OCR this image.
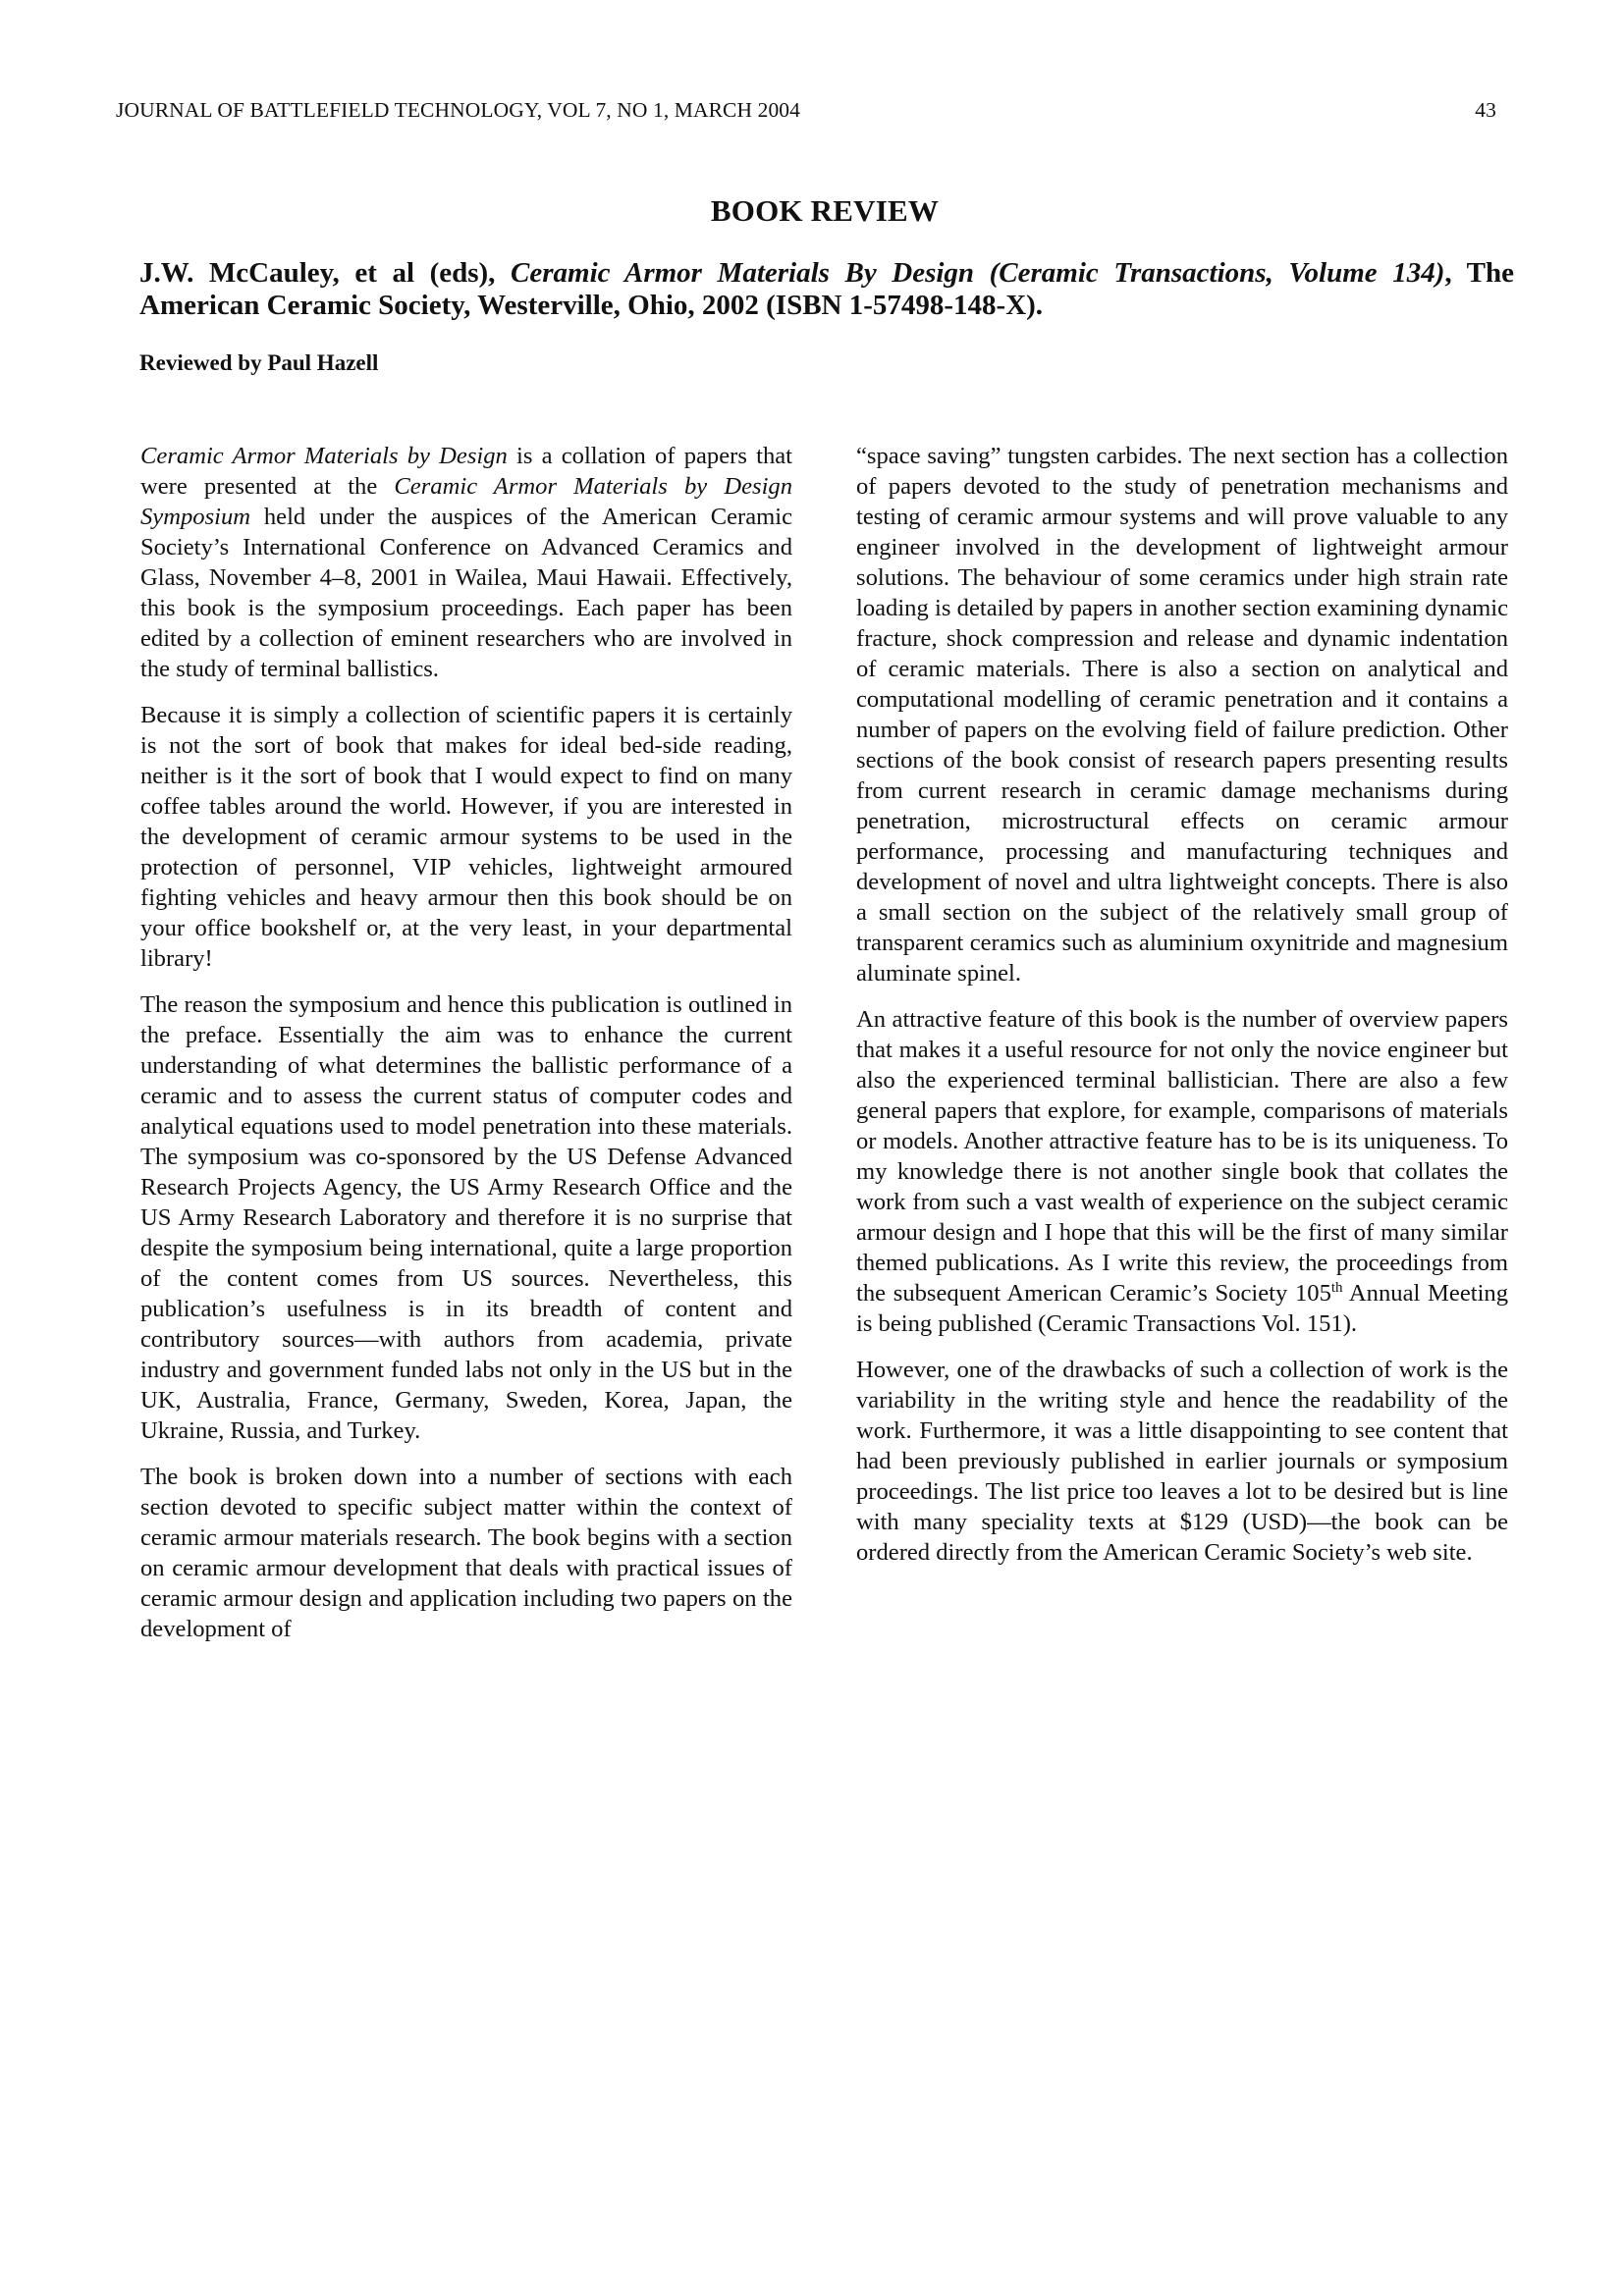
JOURNAL OF BATTLEFIELD TECHNOLOGY, VOL 7, NO 1, MARCH 2004	43
BOOK REVIEW
J.W. McCauley, et al (eds), Ceramic Armor Materials By Design (Ceramic Transactions, Volume 134), The American Ceramic Society, Westerville, Ohio, 2002 (ISBN 1-57498-148-X).
Reviewed by Paul Hazell

Ceramic Armor Materials by Design is a collation of papers that were presented at the Ceramic Armor Materials by Design Symposium held under the auspices of the American Ceramic Society’s International Conference on Advanced Ceramics and Glass, November 4–8, 2001 in Wailea, Maui Hawaii. Effectively, this book is the symposium proceedings. Each paper has been edited by a collection of eminent researchers who are involved in the study of terminal ballistics.

Because it is simply a collection of scientific papers it is certainly is not the sort of book that makes for ideal bed-side reading, neither is it the sort of book that I would expect to find on many coffee tables around the world. However, if you are interested in the development of ceramic armour systems to be used in the protection of personnel, VIP vehicles, lightweight armoured fighting vehicles and heavy armour then this book should be on your office bookshelf or, at the very least, in your departmental library!

The reason the symposium and hence this publication is outlined in the preface. Essentially the aim was to enhance the current understanding of what determines the ballistic performance of a ceramic and to assess the current status of computer codes and analytical equations used to model penetration into these materials. The symposium was co-sponsored by the US Defense Advanced Research Projects Agency, the US Army Research Office and the US Army Research Laboratory and therefore it is no surprise that despite the symposium being international, quite a large proportion of the content comes from US sources. Nevertheless, this publication’s usefulness is in its breadth of content and contributory sources—with authors from academia, private industry and government funded labs not only in the US but in the UK, Australia, France, Germany, Sweden, Korea, Japan, the Ukraine, Russia, and Turkey.

The book is broken down into a number of sections with each section devoted to specific subject matter within the context of ceramic armour materials research. The book begins with a section on ceramic armour development that deals with practical issues of ceramic armour design and application including two papers on the development of

“space saving” tungsten carbides. The next section has a collection of papers devoted to the study of penetration mechanisms and testing of ceramic armour systems and will prove valuable to any engineer involved in the development of lightweight armour solutions. The behaviour of some ceramics under high strain rate loading is detailed by papers in another section examining dynamic fracture, shock compression and release and dynamic indentation of ceramic materials. There is also a section on analytical and computational modelling of ceramic penetration and it contains a number of papers on the evolving field of failure prediction. Other sections of the book consist of research papers presenting results from current research in ceramic damage mechanisms during penetration, microstructural effects on ceramic armour performance, processing and manufacturing techniques and development of novel and ultra lightweight concepts. There is also a small section on the subject of the relatively small group of transparent ceramics such as aluminium oxynitride and magnesium aluminate spinel.

An attractive feature of this book is the number of overview papers that makes it a useful resource for not only the novice engineer but also the experienced terminal ballistician. There are also a few general papers that explore, for example, comparisons of materials or models. Another attractive feature has to be is its uniqueness. To my knowledge there is not another single book that collates the work from such a vast wealth of experience on the subject ceramic armour design and I hope that this will be the first of many similar themed publications. As I write this review, the proceedings from the subsequent American Ceramic’s Society 105th Annual Meeting is being published (Ceramic Transactions Vol. 151).

However, one of the drawbacks of such a collection of work is the variability in the writing style and hence the readability of the work. Furthermore, it was a little disappointing to see content that had been previously published in earlier journals or symposium proceedings. The list price too leaves a lot to be desired but is line with many speciality texts at $129 (USD)—the book can be ordered directly from the American Ceramic Society’s web site.
